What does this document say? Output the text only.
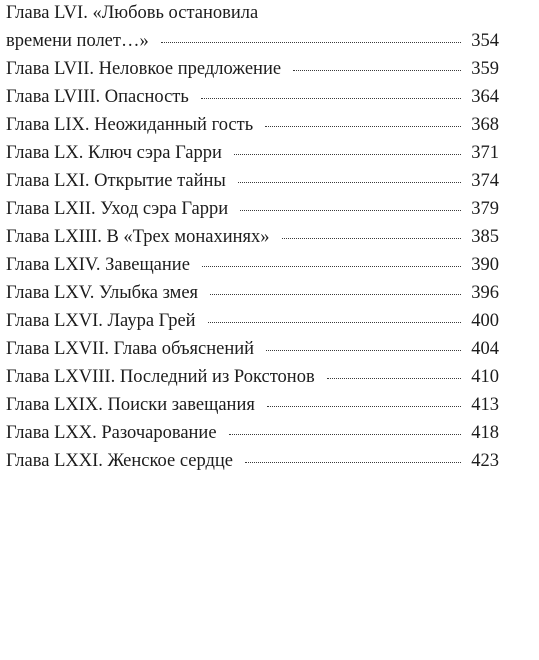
Глава LVI. «Любовь остановила
времени полет…»	354
Глава LVII. Неловкое предложение	359
Глава LVIII. Опасность	364
Глава LIX. Неожиданный гость	368
Глава LX. Ключ сэра Гарри	371
Глава LXI. Открытие тайны	374
Глава LXII. Уход сэра Гарри	379
Глава LXIII. В «Трех монахинях»	385
Глава LXIV. Завещание	390
Глава LXV. Улыбка змея	396
Глава LXVI. Лаура Грей	400
Глава LXVII. Глава объяснений	404
Глава LXVIII. Последний из Рокстонов	410
Глава LXIX. Поиски завещания	413
Глава LXX. Разочарование	418
Глава LXXI. Женское сердце	423
